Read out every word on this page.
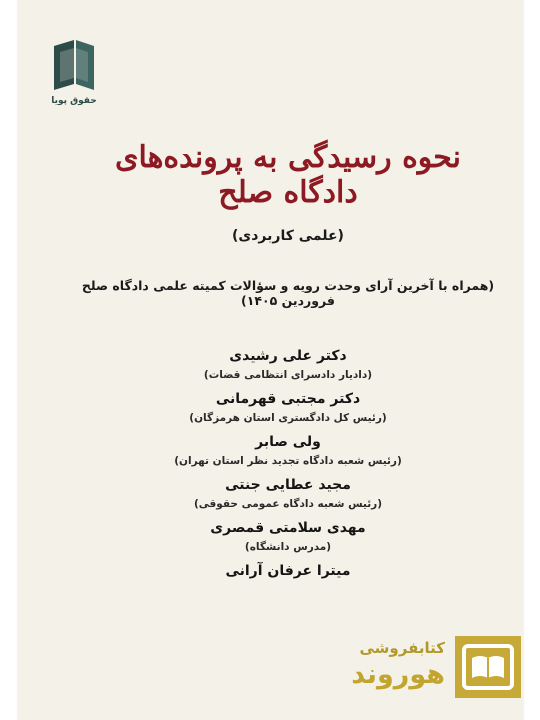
حقوق پویا
نحوه رسیدگی به پرونده‌های دادگاه صلح
(علمی کاربردی)
(همراه با آخرین آرای وحدت رویه و سؤالات کمیته علمی دادگاه صلح فروردین ۱۴۰۵)
دکتر علی رشیدی
(دادیار دادسرای انتظامی قضات)
دکتر مجتبی قهرمانی
(رئیس کل دادگستری استان هرمزگان)
ولی صابر
(رئیس شعبه دادگاه تجدید نظر استان تهران)
مجید عطایی جنتی
(رئیس شعبه دادگاه عمومی حقوقی)
مهدی سلامتی قمصری
(مدرس دانشگاه)
میترا عرفان آرانی
کتابفروشی
هوروند
